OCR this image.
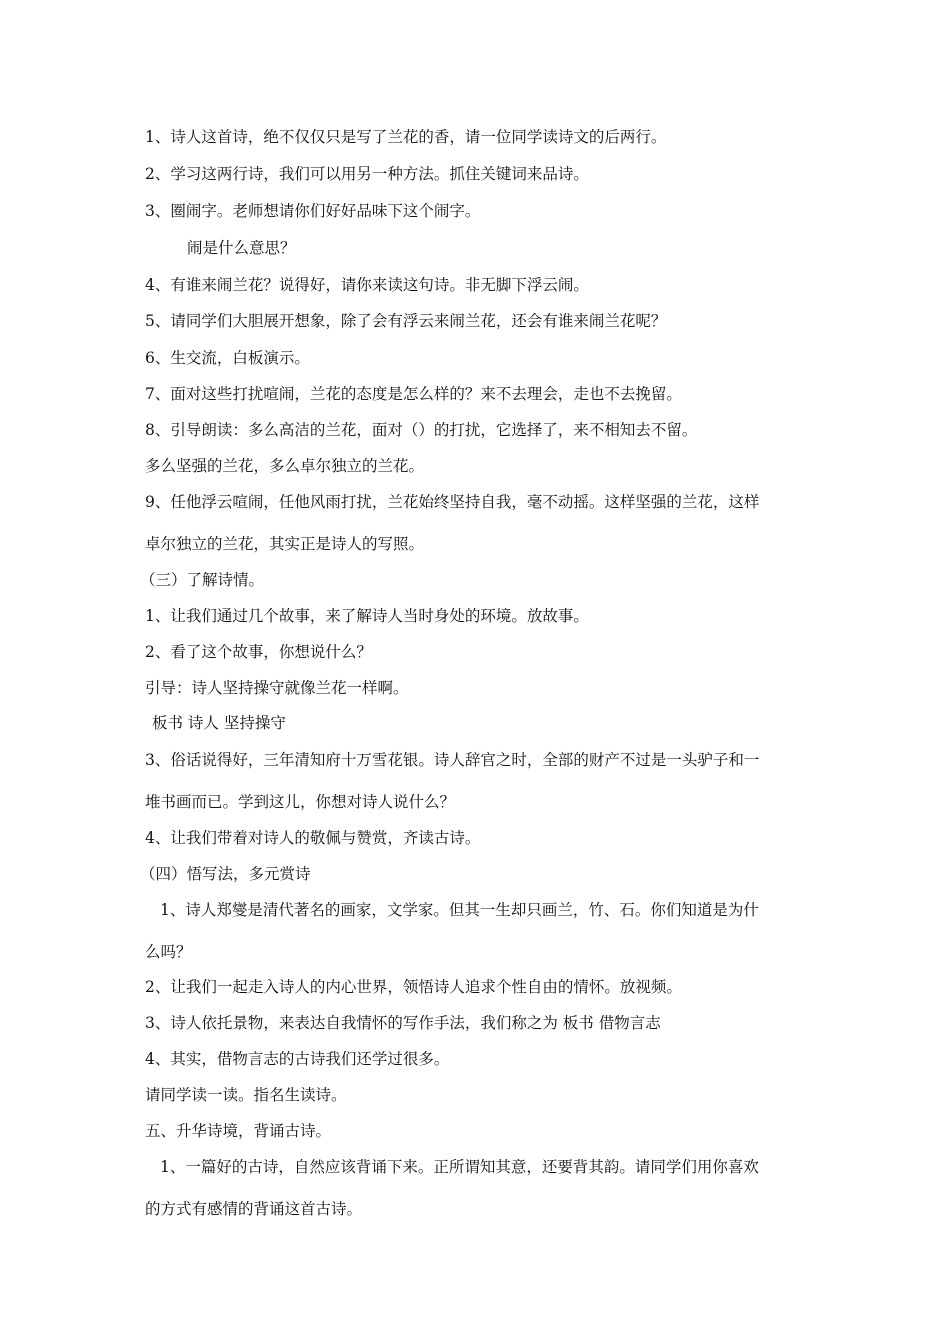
1、诗人这首诗，绝不仅仅只是写了兰花的香，请一位同学读诗文的后两行。
2、学习这两行诗，我们可以用另一种方法。抓住关键词来品诗。
3、圈闹字。老师想请你们好好品味下这个闹字。
闹是什么意思？
4、有谁来闹兰花？说得好，请你来读这句诗。非无脚下浮云闹。
5、请同学们大胆展开想象，除了会有浮云来闹兰花，还会有谁来闹兰花呢？
6、生交流，白板演示。
7、面对这些打扰喧闹，兰花的态度是怎么样的？来不去理会，走也不去挽留。
8、引导朗读：多么高洁的兰花，面对（）的打扰，它选择了，来不相知去不留。
多么坚强的兰花，多么卓尔独立的兰花。
9、任他浮云喧闹，任他风雨打扰，兰花始终坚持自我，毫不动摇。这样坚强的兰花，这样
卓尔独立的兰花，其实正是诗人的写照。
（三）了解诗情。
1、让我们通过几个故事，来了解诗人当时身处的环境。放故事。
2、看了这个故事，你想说什么？
引导：诗人坚持操守就像兰花一样啊。
板书 诗人 坚持操守
3、俗话说得好，三年清知府十万雪花银。诗人辞官之时，全部的财产不过是一头驴子和一
堆书画而已。学到这儿，你想对诗人说什么？
4、让我们带着对诗人的敬佩与赞赏，齐读古诗。
（四）悟写法，多元赏诗
1、诗人郑燮是清代著名的画家，文学家。但其一生却只画兰，竹、石。你们知道是为什
么吗？
2、让我们一起走入诗人的内心世界，领悟诗人追求个性自由的情怀。放视频。
3、诗人依托景物，来表达自我情怀的写作手法，我们称之为 板书 借物言志
4、其实，借物言志的古诗我们还学过很多。
请同学读一读。指名生读诗。
五、升华诗境，背诵古诗。
1、一篇好的古诗，自然应该背诵下来。正所谓知其意，还要背其韵。请同学们用你喜欢
的方式有感情的背诵这首古诗。
